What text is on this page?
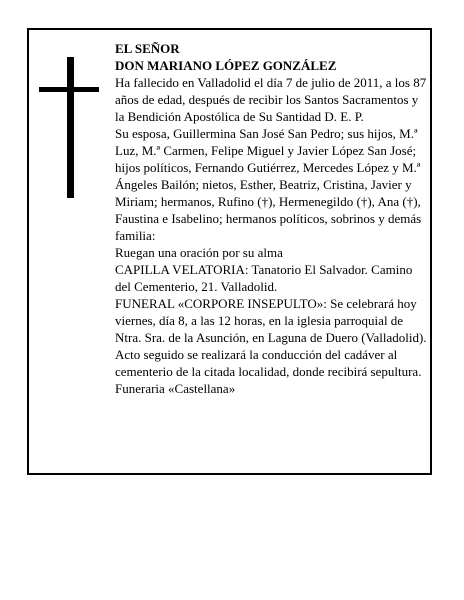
EL SEÑOR

DON MARIANO LÓPEZ GONZÁLEZ

Ha fallecido en Valladolid el día 7 de julio de 2011, a los 87 años de edad, después de recibir los Santos Sacramentos y la Bendición Apostólica de Su Santidad D. E. P.

Su esposa, Guillermina San José San Pedro; sus hijos, M.ª Luz, M.ª Carmen, Felipe Miguel y Javier López San José; hijos políticos, Fernando Gutiérrez, Mercedes López y M.ª Ángeles Bailón; nietos, Esther, Beatriz, Cristina, Javier y Miriam; hermanos, Rufino (†), Hermenegildo (†), Ana (†), Faustina e Isabelino; hermanos políticos, sobrinos y demás familia:

Ruegan una oración por su alma

CAPILLA VELATORIA: Tanatorio El Salvador. Camino del Cementerio, 21. Valladolid.

FUNERAL «CORPORE INSEPULTO»: Se celebrará hoy viernes, día 8, a las 12 horas, en la iglesia parroquial de Ntra. Sra. de la Asunción, en Laguna de Duero (Valladolid). Acto seguido se realizará la conducción del cadáver al cementerio de la citada localidad, donde recibirá sepultura.

Funeraria «Castellana»
